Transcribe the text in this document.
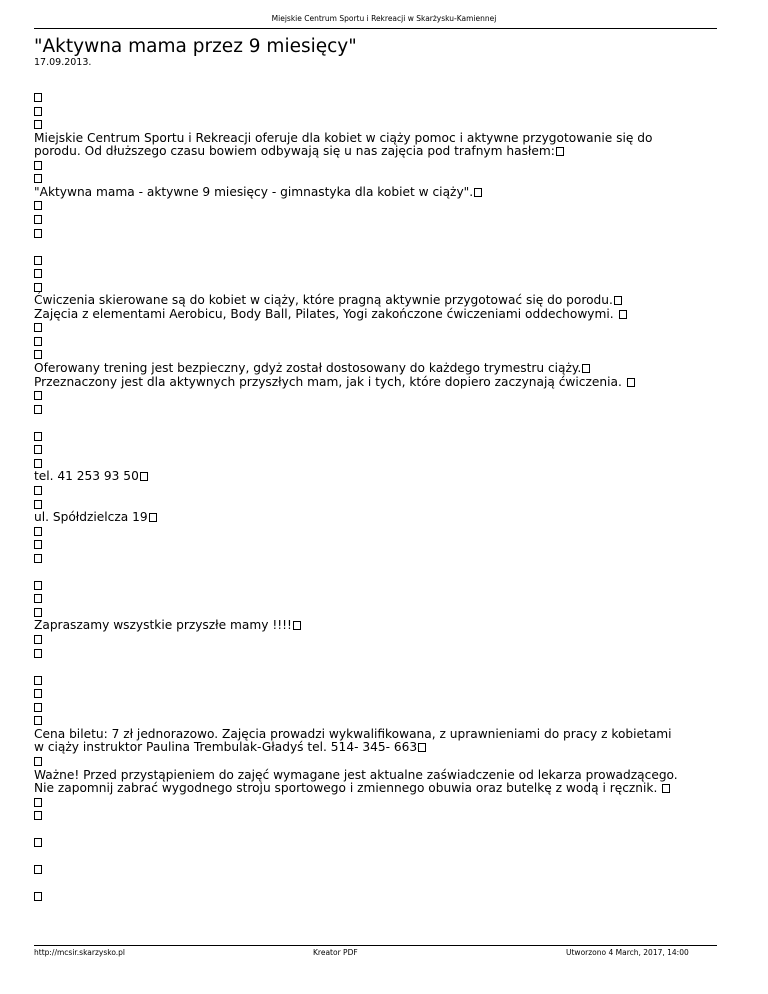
Miejskie Centrum Sportu i Rekreacji w Skarżysku-Kamiennej
"Aktywna mama przez 9 miesięcy"
17.09.2013.
Miejskie Centrum Sportu i Rekreacji oferuje dla kobiet w ciąży pomoc i aktywne przygotowanie się do
porodu. Od dłuższego czasu bowiem odbywają się u nas zajęcia pod trafnym hasłem:
"Aktywna mama - aktywne 9 miesięcy - gimnastyka dla kobiet w ciąży".
Ćwiczenia skierowane są do kobiet w ciąży, które pragną aktywnie przygotować się do porodu.
Zajęcia z elementami Aerobicu, Body Ball, Pilates, Yogi zakończone ćwiczeniami oddechowymi.
Oferowany trening jest bezpieczny, gdyż został dostosowany do każdego trymestru ciąży.
Przeznaczony jest dla aktywnych przyszłych mam, jak i tych, które dopiero zaczynają ćwiczenia.
tel. 41 253 93 50
ul. Spółdzielcza 19
Zapraszamy wszystkie przyszłe mamy !!!!
Cena biletu: 7 zł jednorazowo. Zajęcia prowadzi wykwalifikowana, z uprawnieniami do pracy z kobietami
w ciąży instruktor Paulina Trembulak-Gładyś tel. 514- 345- 663
Ważne! Przed przystąpieniem do zajęć wymagane jest aktualne zaświadczenie od lekarza prowadzącego.
Nie zapomnij zabrać wygodnego stroju sportowego i zmiennego obuwia oraz butelkę z wodą i ręcznik.
http://mcsir.skarzysko.pl	Kreator PDF	Utworzono 4 March, 2017, 14:00
